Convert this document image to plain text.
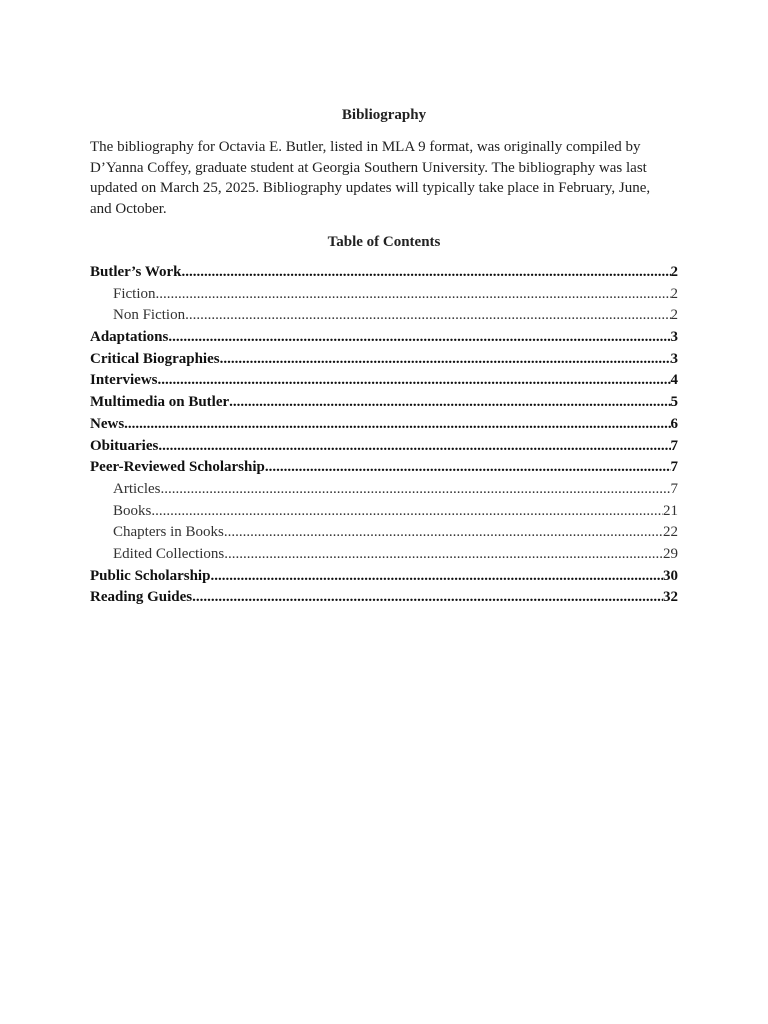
Bibliography

The bibliography for Octavia E. Butler, listed in MLA 9 format, was originally compiled by D’Yanna Coffey, graduate student at Georgia Southern University. The bibliography was last updated on March 25, 2025. Bibliography updates will typically take place in February, June, and October.

Table of Contents
Butler’s Work .....	2
Fiction .....	2
Non Fiction .....	2
Adaptations .....	3
Critical Biographies .....	3
Interviews .....	4
Multimedia on Butler .....	5
News .....	6
Obituaries .....	7
Peer-Reviewed Scholarship .....	7
Articles .....	7
Books .....	21
Chapters in Books .....	22
Edited Collections .....	29
Public Scholarship .....	30
Reading Guides .....	32
